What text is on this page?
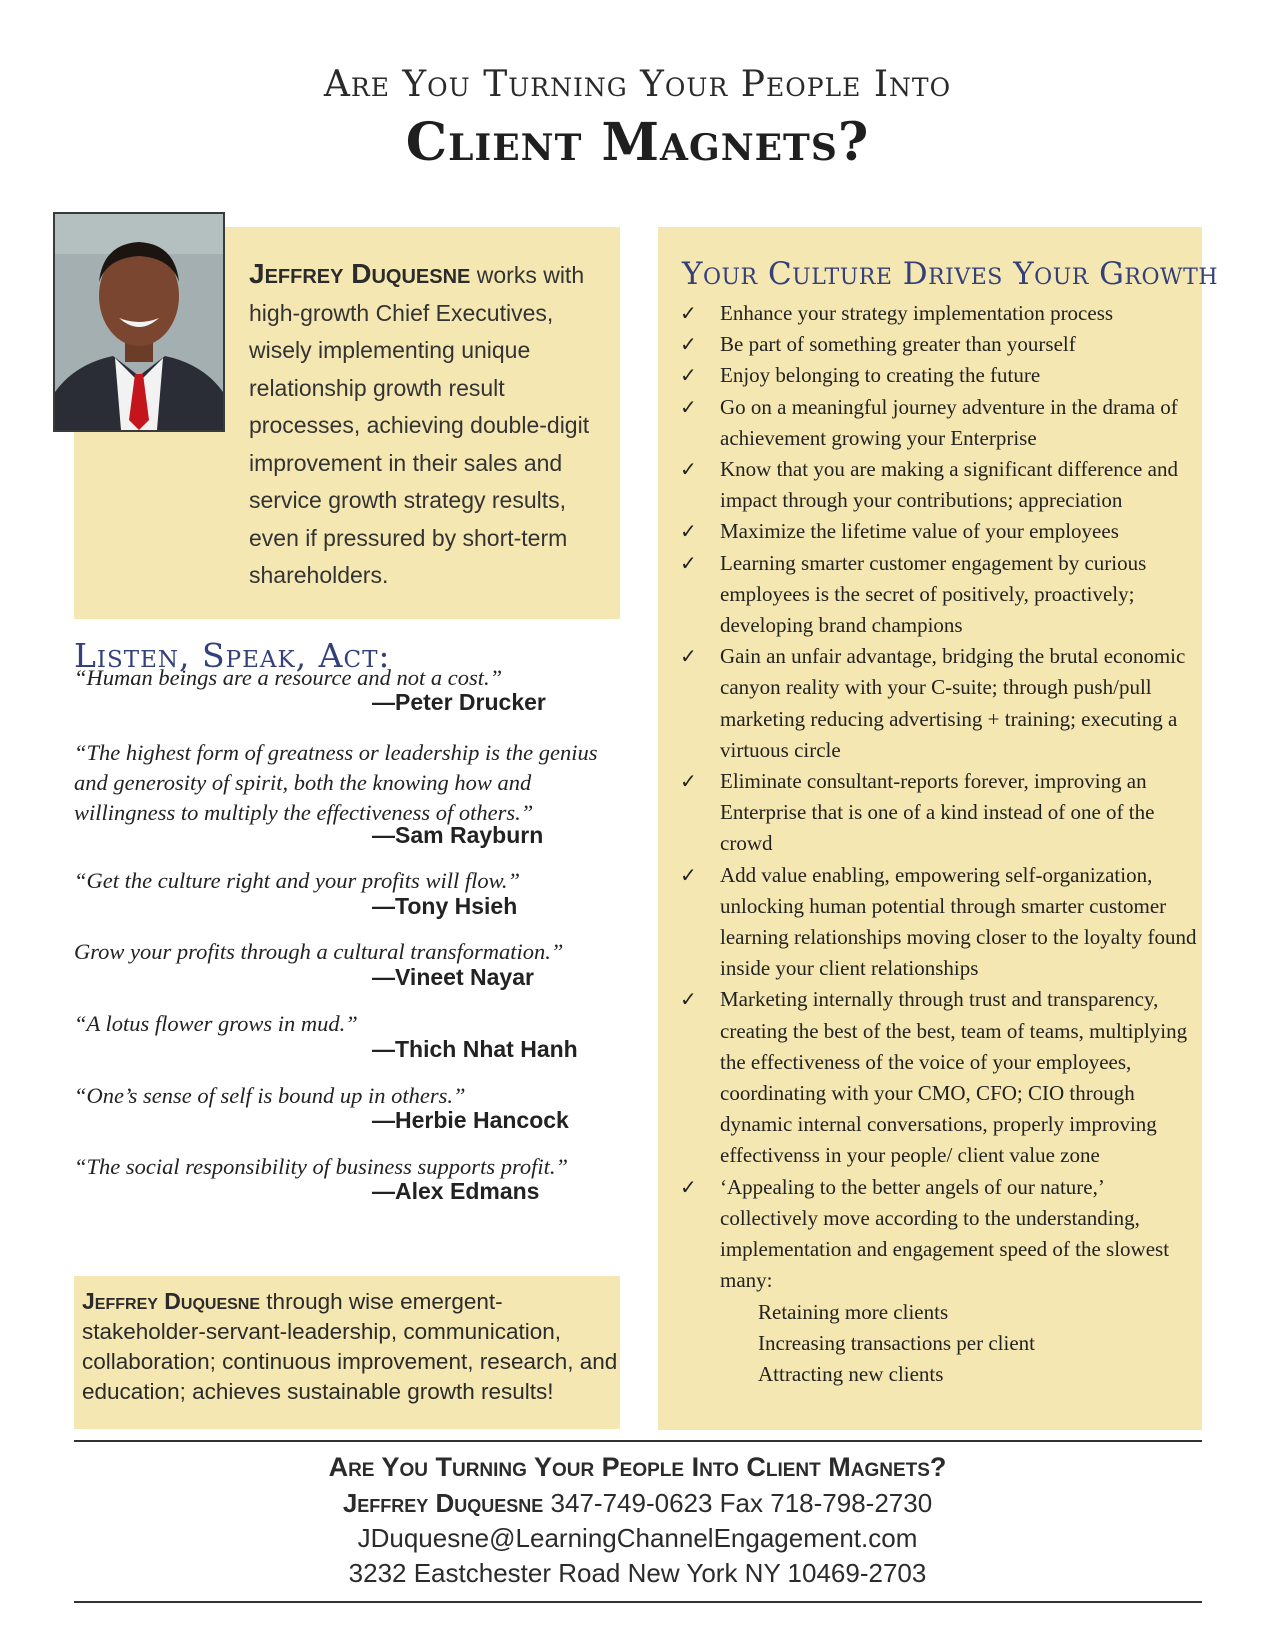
Are You Turning Your People Into
Client Magnets?
Jeffrey Duquesne works with high-growth Chief Executives, wisely implementing unique relationship growth result processes, achieving double-digit improvement in their sales and service growth strategy results, even if pressured by short-term shareholders.
Listen, Speak, Act:
“Human beings are a resource and not a cost.”
—Peter Drucker
“The highest form of greatness or leadership is the genius and generosity of spirit, both the knowing how and willingness to multiply the effectiveness of others.”
—Sam Rayburn
“Get the culture right and your profits will flow.”
—Tony Hsieh
Grow your profits through a cultural transformation.”
—Vineet Nayar
“A lotus flower grows in mud.”
—Thich Nhat Hanh
“One’s sense of self is bound up in others.”
—Herbie Hancock
“The social responsibility of business supports profit.”
—Alex Edmans
Jeffrey Duquesne through wise emergent-stakeholder-servant-leadership, communication, collaboration; continuous improvement, research, and education; achieves sustainable growth results!
Your Culture Drives Your Growth
✓ Enhance your strategy implementation process
✓ Be part of something greater than yourself
✓ Enjoy belonging to creating the future
✓ Go on a meaningful journey adventure in the drama of achievement growing your Enterprise
✓ Know that you are making a significant difference and impact through your contributions; appreciation
✓ Maximize the lifetime value of your employees
✓ Learning smarter customer engagement by curious employees is the secret of positively, proactively; developing brand champions
✓ Gain an unfair advantage, bridging the brutal economic canyon reality with your C-suite; through push/pull marketing reducing advertising + training; executing a virtuous circle
✓ Eliminate consultant-reports forever, improving an Enterprise that is one of a kind instead of one of the crowd
✓ Add value enabling, empowering self-organization, unlocking human potential through smarter customer learning relationships moving closer to the loyalty found inside your client relationships
✓ Marketing internally through trust and transparency, creating the best of the best, team of teams, multiplying the effectiveness of the voice of your employees, coordinating with your CMO, CFO; CIO through dynamic internal conversations, properly improving effectivenss in your people/ client value zone
✓ ‘Appealing to the better angels of our nature,’ collectively move according to the understanding, implementation and engagement speed of the slowest many:
Retaining more clients
Increasing transactions per client
Attracting new clients
Are You Turning Your People Into Client Magnets?
Jeffrey Duquesne 347-749-0623 Fax 718-798-2730
JDuquesne@LearningChannelEngagement.com
3232 Eastchester Road New York NY 10469-2703
